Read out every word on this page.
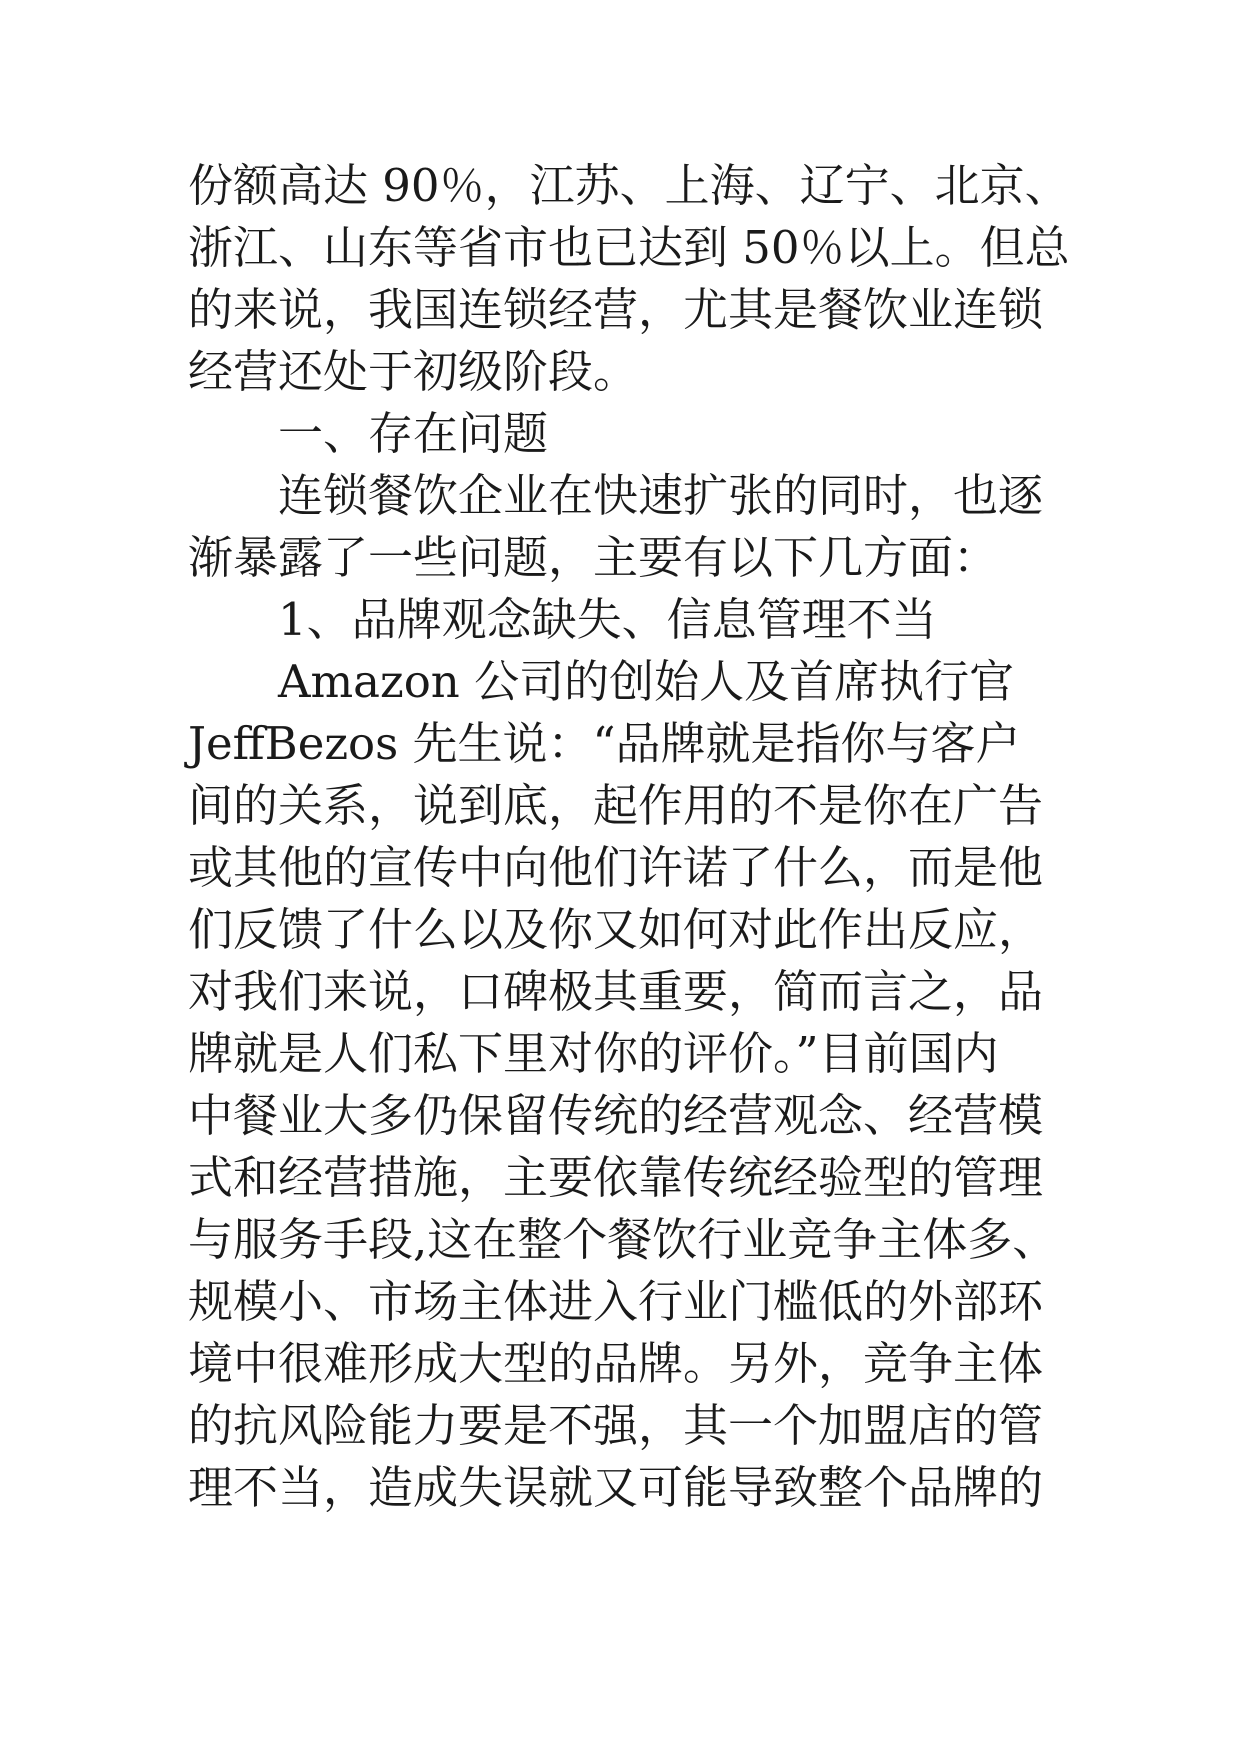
份额高达 90％，江苏、上海、辽宁、北京、
浙江、山东等省市也已达到 50％以上。但总
的来说，我国连锁经营，尤其是餐饮业连锁
经营还处于初级阶段。
一、存在问题
连锁餐饮企业在快速扩张的同时，也逐
渐暴露了一些问题，主要有以下几方面：
1、品牌观念缺失、信息管理不当
Amazon 公司的创始人及首席执行官
JeffBezos 先生说：“品牌就是指你与客户
间的关系，说到底，起作用的不是你在广告
或其他的宣传中向他们许诺了什么，而是他
们反馈了什么以及你又如何对此作出反应，
对我们来说，口碑极其重要，简而言之，品
牌就是人们私下里对你的评价。”目前国内
中餐业大多仍保留传统的经营观念、经营模
式和经营措施，主要依靠传统经验型的管理
与服务手段,这在整个餐饮行业竞争主体多、
规模小、市场主体进入行业门槛低的外部环
境中很难形成大型的品牌。另外，竞争主体
的抗风险能力要是不强，其一个加盟店的管
理不当，造成失误就又可能导致整个品牌的
